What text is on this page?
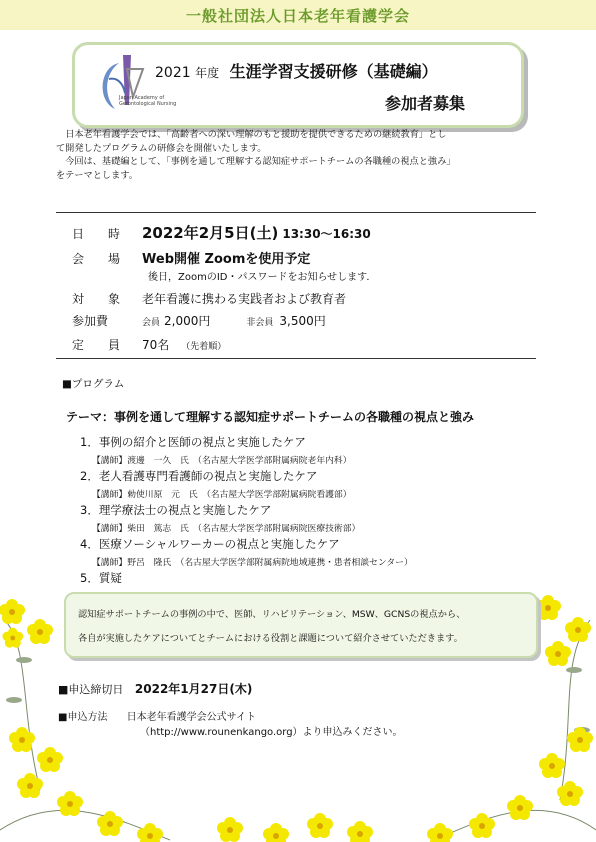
一般社団法人日本老年看護学会
Japan Academy of
Gerontological Nursing
2021 年度 生涯学習支援研修（基礎編）
参加者募集

　日本老年看護学会では、「高齢者への深い理解のもと援助を提供できるための継続教育」とし

て開発したプログラムの研修会を開催いたします。

　今回は、基礎編として、「事例を通して理解する認知症サポートチームの各職種の視点と強み」

をテーマとします。

日　　時	2022年2月5日(土) 13:30～16:30
会　　場	Web開催 Zoomを使用予定
後日，ZoomのID・パスワードをお知らせします．
対　　象	老年看護に携わる実践者および教育者
参加費	会員 2,000円	非会員 3,500円
定　　員	70名 （先着順）
■プログラム
テーマ：事例を通して理解する認知症サポートチームの各職種の視点と強み
1．事例の紹介と医師の視点と実施したケア
【講師】渡邊　一久　氏　（名古屋大学医学部附属病院老年内科）
2．老人看護専門看護師の視点と実施したケア
【講師】勅使川原　元　氏　（名古屋大学医学部附属病院看護部）
3．理学療法士の視点と実施したケア
【講師】柴田　篤志　氏　（名古屋大学医学部附属病院医療技術部）
4．医療ソーシャルワーカーの視点と実施したケア
【講師】野呂　隆氏　（名古屋大学医学部附属病院地域連携・患者相談センター）
5．質疑

認知症サポートチームの事例の中で、医師、リハビリテーション、MSW、GCNSの視点から、

各自が実施したケアについてとチームにおける役割と課題について紹介させていただきます。

■申込締切日 2022年1月27日(木)
■申込方法 日本老年看護学会公式サイト
（http://www.rounenkango.org）より申込みください。
